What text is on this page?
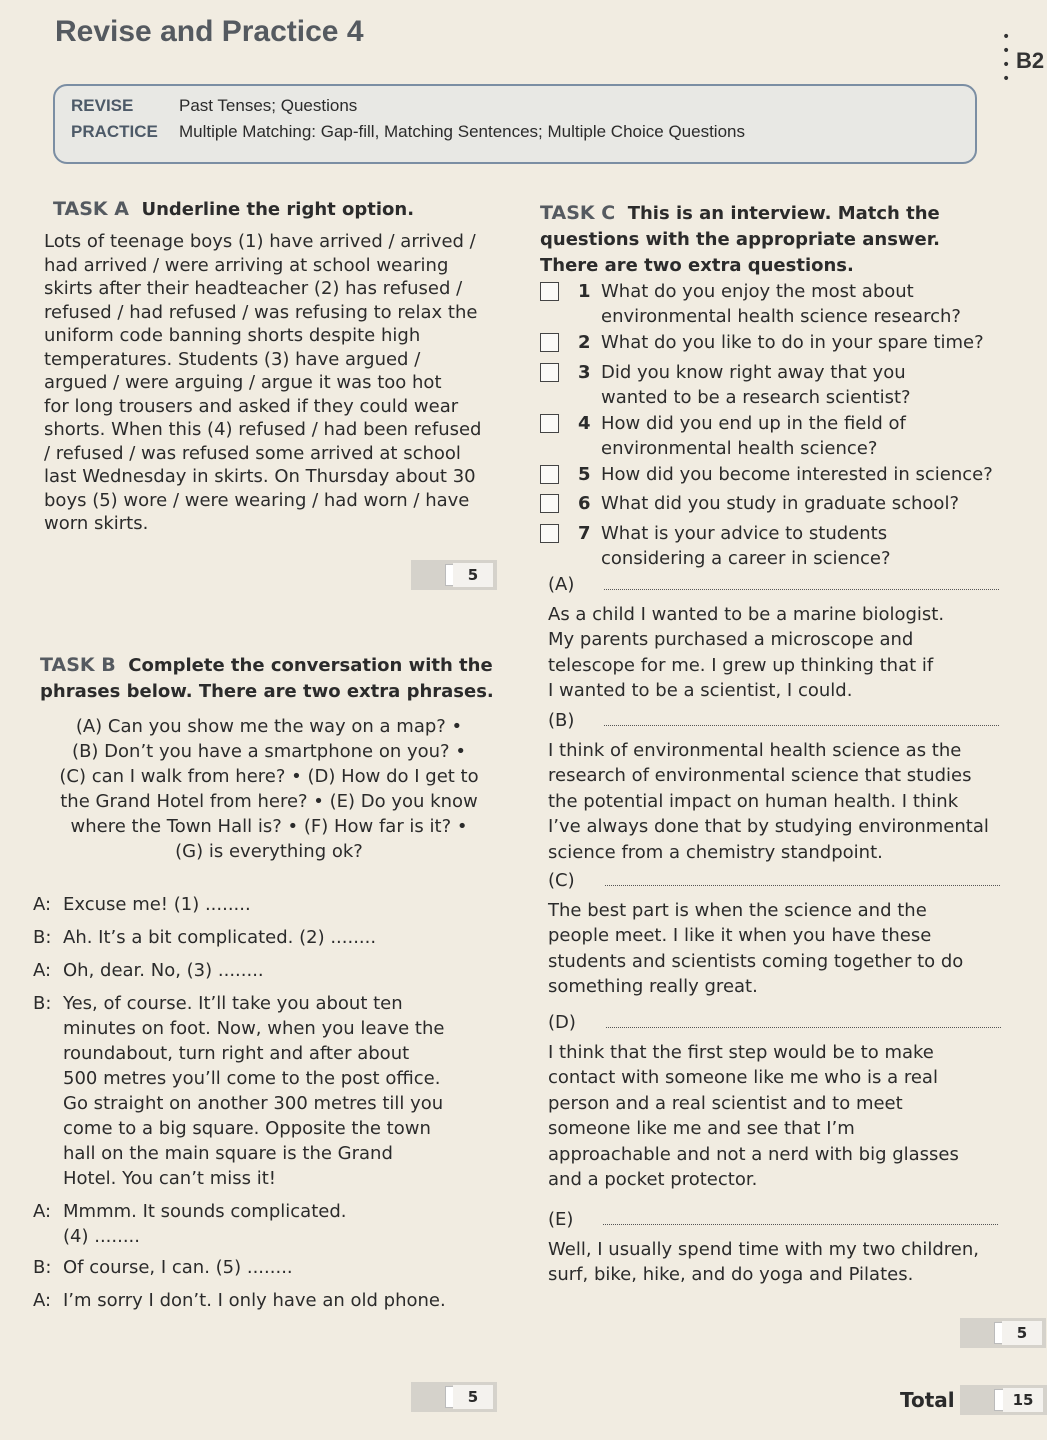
Revise and Practice 4	•
•
•
•
B2
REVISE	Past Tenses; Questions
PRACTICE Multiple Matching: Gap-fill, Matching Sentences; Multiple Choice Questions
TASK A Underline the right option.
Lots of teenage boys (1) have arrived / arrived /
had arrived / were arriving at school wearing
skirts after their headteacher (2) has refused /
refused / had refused / was refusing to relax the
uniform code banning shorts despite high
temperatures. Students (3) have argued /
argued / were arguing / argue it was too hot
for long trousers and asked if they could wear
shorts. When this (4) refused / had been refused
/ refused / was refused some arrived at school
last Wednesday in skirts. On Thursday about 30
boys (5) wore / were wearing / had worn / have
worn skirts.
5
TASK B Complete the conversation with the
phrases below. There are two extra phrases.
(A) Can you show me the way on a map? •
(B) Don’t you have a smartphone on you? •
(C) can I walk from here? • (D) How do I get to
the Grand Hotel from here? • (E) Do you know
where the Town Hall is? • (F) How far is it? •
(G) is everything ok?
A: Excuse me! (1) ........
B: Ah. It’s a bit complicated. (2) ........
A: Oh, dear. No, (3) ........
B: Yes, of course. It’ll take you about ten
minutes on foot. Now, when you leave the
roundabout, turn right and after about
500 metres you’ll come to the post office.
Go straight on another 300 metres till you
come to a big square. Opposite the town
hall on the main square is the Grand
Hotel. You can’t miss it!
A: Mmmm. It sounds complicated.
(4) ........
B: Of course, I can. (5) ........
A: I’m sorry I don’t. I only have an old phone.
5
TASK C This is an interview. Match the
questions with the appropriate answer.
There are two extra questions.
1 What do you enjoy the most about
environmental health science research?
2 What do you like to do in your spare time?
3 Did you know right away that you
wanted to be a research scientist?
4 How did you end up in the field of
environmental health science?
5 How did you become interested in science?
6 What did you study in graduate school?
7 What is your advice to students
considering a career in science?
(A)
As a child I wanted to be a marine biologist.
My parents purchased a microscope and
telescope for me. I grew up thinking that if
I wanted to be a scientist, I could.
(B)
I think of environmental health science as the
research of environmental science that studies
the potential impact on human health. I think
I’ve always done that by studying environmental
science from a chemistry standpoint.
(C)
The best part is when the science and the
people meet. I like it when you have these
students and scientists coming together to do
something really great.
(D)
I think that the first step would be to make
contact with someone like me who is a real
person and a real scientist and to meet
someone like me and see that I’m
approachable and not a nerd with big glasses
and a pocket protector.
(E)
Well, I usually spend time with my two children,
surf, bike, hike, and do yoga and Pilates.
5
Total	15
